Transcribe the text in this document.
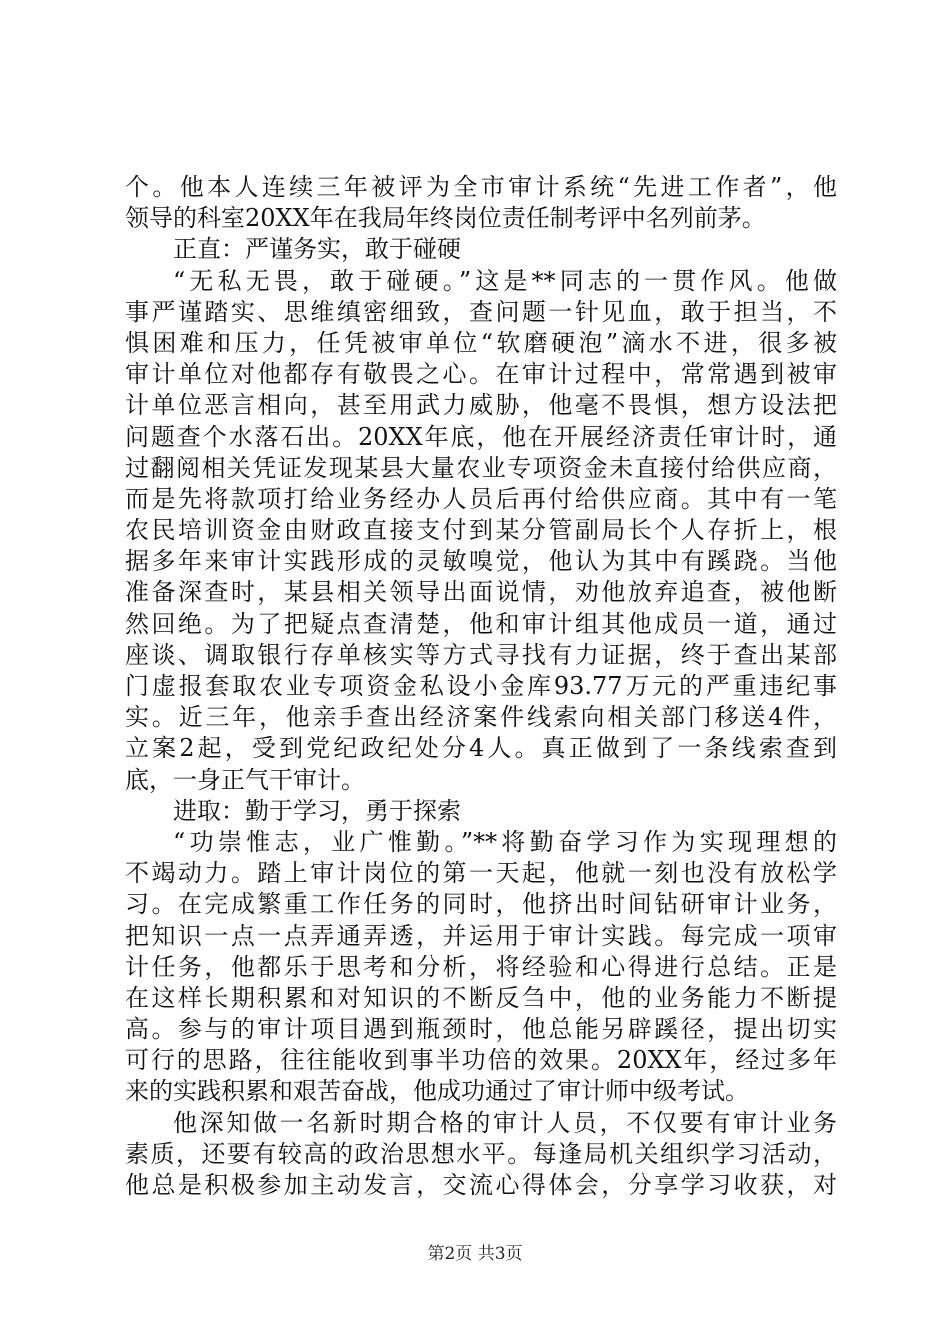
个。他本人连续三年被评为全市审计系统“先进工作者”，他
领导的科室20XX年在我局年终岗位责任制考评中名列前茅。
正直：严谨务实，敢于碰硬
“无私无畏，敢于碰硬。”这是**同志的一贯作风。他做
事严谨踏实、思维缜密细致，查问题一针见血，敢于担当，不
惧困难和压力，任凭被审单位“软磨硬泡”滴水不进，很多被
审计单位对他都存有敬畏之心。在审计过程中，常常遇到被审
计单位恶言相向，甚至用武力威胁，他毫不畏惧，想方设法把
问题查个水落石出。20XX年底，他在开展经济责任审计时，通
过翻阅相关凭证发现某县大量农业专项资金未直接付给供应商，
而是先将款项打给业务经办人员后再付给供应商。其中有一笔
农民培训资金由财政直接支付到某分管副局长个人存折上，根
据多年来审计实践形成的灵敏嗅觉，他认为其中有蹊跷。当他
准备深查时，某县相关领导出面说情，劝他放弃追查，被他断
然回绝。为了把疑点查清楚，他和审计组其他成员一道，通过
座谈、调取银行存单核实等方式寻找有力证据，终于查出某部
门虚报套取农业专项资金私设小金库93.77万元的严重违纪事
实。近三年，他亲手查出经济案件线索向相关部门移送4件，
立案2起，受到党纪政纪处分4人。真正做到了一条线索查到
底，一身正气干审计。
进取：勤于学习，勇于探索
“功崇惟志，业广惟勤。”**将勤奋学习作为实现理想的
不竭动力。踏上审计岗位的第一天起，他就一刻也没有放松学
习。在完成繁重工作任务的同时，他挤出时间钻研审计业务，
把知识一点一点弄通弄透，并运用于审计实践。每完成一项审
计任务，他都乐于思考和分析，将经验和心得进行总结。正是
在这样长期积累和对知识的不断反刍中，他的业务能力不断提
高。参与的审计项目遇到瓶颈时，他总能另辟蹊径，提出切实
可行的思路，往往能收到事半功倍的效果。20XX年，经过多年
来的实践积累和艰苦奋战，他成功通过了审计师中级考试。
他深知做一名新时期合格的审计人员，不仅要有审计业务
素质，还要有较高的政治思想水平。每逢局机关组织学习活动，
他总是积极参加主动发言，交流心得体会，分享学习收获，对
第2页 共3页
